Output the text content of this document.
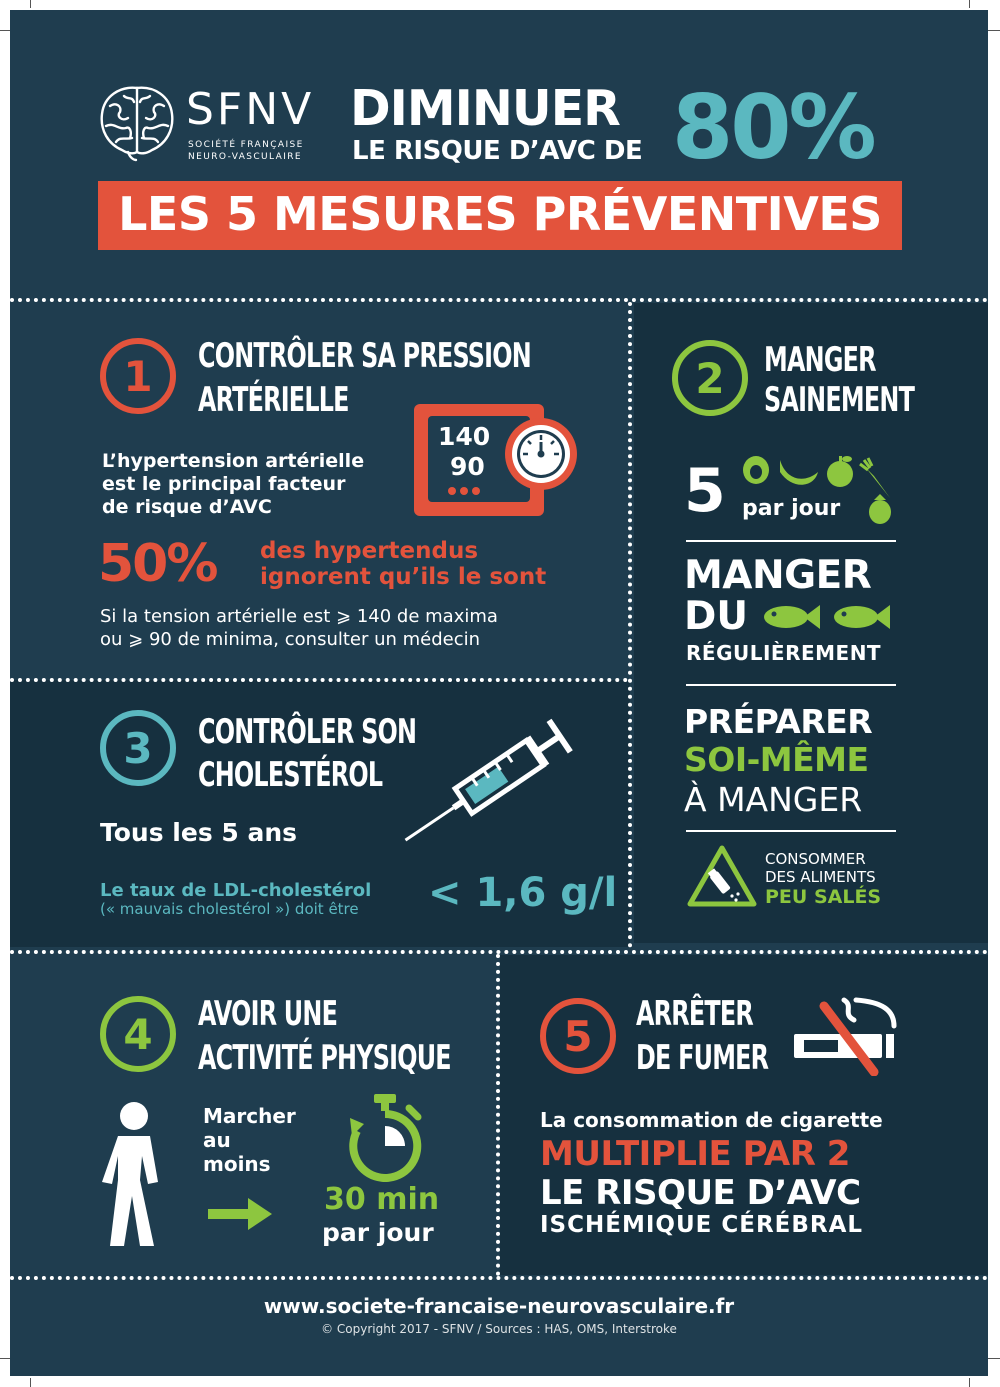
SFNV
SOCIÉTÉ FRANÇAISE
NEURO-VASCULAIRE
DIMINUER
LE RISQUE D’AVC DE 80%
LES 5 MESURES PRÉVENTIVES
1	CONTRÔLER SA PRESSION
ARTÉRIELLE
140
90
L’hypertension artérielle
est le principal facteur
de risque d’AVC
50% des hypertendus
ignorent qu’ils le sont
Si la tension artérielle est ⩾ 140 de maxima
ou ⩾ 90 de minima, consulter un médecin
2	MANGER
SAINEMENT
5 par jour
MANGER
DU
RÉGULIÈREMENT
PRÉPARER
SOI-MÊME
À MANGER
CONSOMMER
DES ALIMENTS
PEU SALÉS
3	CONTRÔLER SON
CHOLESTÉROL
Tous les 5 ans
Le taux de LDL-cholestérol
(« mauvais cholestérol ») doit être < 1,6 g/l
4	AVOIR UNE
ACTIVITÉ PHYSIQUE
Marcher
au
moins
30 min
par jour
5	ARRÊTER
DE FUMER
La consommation de cigarette
MULTIPLIE PAR 2
LE RISQUE D’AVC
ISCHÉMIQUE CÉRÉBRAL
www.societe-francaise-neurovasculaire.fr
© Copyright 2017 - SFNV / Sources : HAS, OMS, Interstroke
